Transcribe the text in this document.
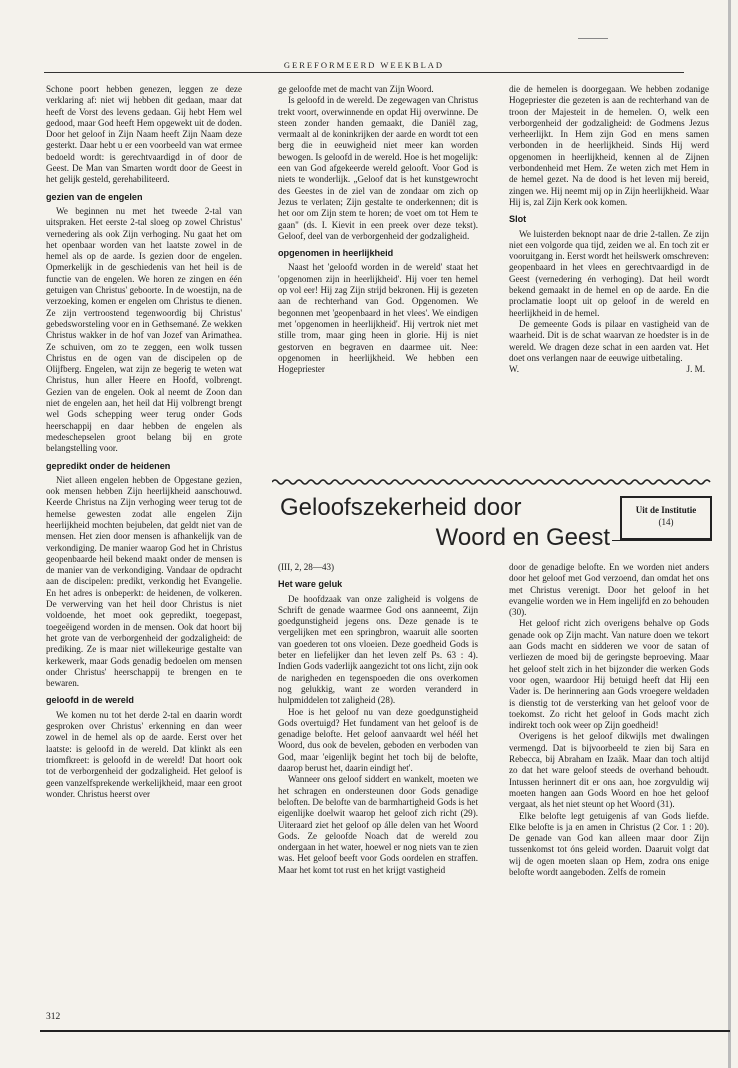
GEREFORMEERD WEEKBLAD

Schone poort hebben genezen, leggen ze deze verklaring af: niet wij hebben dit gedaan, maar dat heeft de Vorst des levens gedaan. Gij hebt Hem wel gedood, maar God heeft Hem opgewekt uit de doden. Door het geloof in Zijn Naam heeft Zijn Naam deze gesterkt. Daar hebt u er een voorbeeld van wat ermee bedoeld wordt: is gerechtvaardigd in of door de Geest. De Man van Smarten wordt door de Geest in het gelijk gesteld, gerehabiliteerd.

gezien van de engelen

We beginnen nu met het tweede 2-tal van uitspraken. Het eerste 2-tal sloeg op zowel Christus' vernedering als ook Zijn verhoging. Nu gaat het om het openbaar worden van het laatste zowel in de hemel als op de aarde. Is gezien door de engelen. Opmerkelijk in de geschiedenis van het heil is de functie van de engelen. We horen ze zingen en één getuigen van Christus' geboorte. In de woestijn, na de verzoeking, komen er engelen om Christus te dienen. Ze zijn vertroostend tegenwoordig bij Christus' gebedsworsteling voor en in Gethsemané. Ze wekken Christus wakker in de hof van Jozef van Arimathea. Ze schuiven, om zo te zeggen, een wolk tussen Christus en de ogen van de discipelen op de Olijfberg. Engelen, wat zijn ze begerig te weten wat Christus, hun aller Heere en Hoofd, volbrengt. Gezien van de engelen. Ook al neemt de Zoon dan niet de engelen aan, het heil dat Hij volbrengt brengt wel Gods schepping weer terug onder Gods heerschappij en daar hebben de engelen als medeschepselen groot belang bij en grote belangstelling voor.

gepredikt onder de heidenen

Niet alleen engelen hebben de Opgestane gezien, ook mensen hebben Zijn heerlijkheid aanschouwd. Keerde Christus na Zijn verhoging weer terug tot de hemelse gewesten zodat alle engelen Zijn heerlijkheid mochten bejubelen, dat geldt niet van de mensen. Het zien door mensen is afhankelijk van de verkondiging. De manier waarop God het in Christus geopenbaarde heil bekend maakt onder de mensen is de manier van de verkondiging. Vandaar de opdracht aan de discipelen: predikt, verkondig het Evangelie. En het adres is onbeperkt: de heidenen, de volkeren. De verwerving van het heil door Christus is niet voldoende, het moet ook gepredikt, toegepast, toegeëigend worden in de mensen. Ook dat hoort bij het grote van de verborgenheid der godzaligheid: de prediking. Ze is maar niet willekeurige gestalte van kerkewerk, maar Gods genadig bedoelen om mensen onder Christus' heerschappij te brengen en te bewaren.

geloofd in de wereld

We komen nu tot het derde 2-tal en daarin wordt gesproken over Christus' erkenning en dan weer zowel in de hemel als op de aarde. Eerst over het laatste: is geloofd in de wereld. Dat klinkt als een triomfkreet: is geloofd in de wereld! Dat hoort ook tot de verborgenheid der godzaligheid. Het geloof is geen vanzelfsprekende werkelijkheid, maar een groot wonder. Christus heerst over

ge geloofde met de macht van Zijn Woord.

Is geloofd in de wereld. De zegewagen van Christus trekt voort, overwinnende en opdat Hij overwinne. De steen zonder handen gemaakt, die Daniël zag, vermaalt al de koninkrijken der aarde en wordt tot een berg die in eeuwigheid niet meer kan worden bewogen. Is geloofd in de wereld. Hoe is het mogelijk: een van God afgekeerde wereld gelooft. Voor God is niets te wonderlijk. „Geloof dat is het kunstgewrocht des Geestes in de ziel van de zondaar om zich op Jezus te verlaten; Zijn gestalte te onderkennen; dit is het oor om Zijn stem te horen; de voet om tot Hem te gaan" (ds. I. Kievit in een preek over deze tekst). Geloof, deel van de verborgenheid der godzaligheid.

opgenomen in heerlijkheid

Naast het 'geloofd worden in de wereld' staat het 'opgenomen zijn in heerlijkheid'. Hij voer ten hemel op vol eer! Hij zag Zijn strijd bekronen. Hij is gezeten aan de rechterhand van God. Opgenomen. We begonnen met 'geopenbaard in het vlees'. We eindigen met 'opgenomen in heerlijkheid'. Hij vertrok niet met stille trom, maar ging heen in glorie. Hij is niet gestorven en begraven en daarmee uit. Nee: opgenomen in heerlijkheid. We hebben een Hogepriester

die de hemelen is doorgegaan. We hebben zodanige Hogepriester die gezeten is aan de rechterhand van de troon der Majesteit in de hemelen. O, welk een verborgenheid der godzaligheid: de Godmens Jezus verheerlijkt. In Hem zijn God en mens samen verbonden in de heerlijkheid. Sinds Hij werd opgenomen in heerlijkheid, kennen al de Zijnen verbondenheid met Hem. Ze weten zich met Hem in de hemel gezet. Na de dood is het leven mij bereid, zingen we. Hij neemt mij op in Zijn heerlijkheid. Waar Hij is, zal Zijn Kerk ook komen.

Slot

We luisterden beknopt naar de drie 2-tallen. Ze zijn niet een volgorde qua tijd, zeiden we al. En toch zit er vooruitgang in. Eerst wordt het heilswerk omschreven: geopenbaard in het vlees en gerechtvaardigd in de Geest (vernedering én verhoging). Dat heil wordt bekend gemaakt in de hemel en op de aarde. En die proclamatie loopt uit op geloof in de wereld en heerlijkheid in de hemel.

De gemeente Gods is pilaar en vastigheid van de waarheid. Dit is de schat waarvan ze hoedster is in de wereld. We dragen deze schat in een aarden vat. Het doet ons verlangen naar de eeuwige uitbetaling.

W.	J. M.
Geloofszekerheid door
Woord en Geest
Uit de Institutie
(14)

(III, 2, 28—43)

Het ware geluk

De hoofdzaak van onze zaligheid is volgens de Schrift de genade waarmee God ons aanneemt, Zijn goedgunstigheid jegens ons. Deze genade is te vergelijken met een springbron, waaruit alle soorten van goederen tot ons vloeien. Deze goedheid Gods is beter en liefelijker dan het leven zelf Ps. 63 : 4). Indien Gods vaderlijk aangezicht tot ons licht, zijn ook de narigheden en tegenspoeden die ons overkomen nog gelukkig, want ze worden veranderd in hulpmiddelen tot zaligheid (28).

Hoe is het geloof nu van deze goedgunstigheid Gods overtuigd? Het fundament van het geloof is de genadige belofte. Het geloof aanvaardt wel héél het Woord, dus ook de bevelen, geboden en verboden van God, maar 'eigenlijk begint het toch bij de belofte, daarop berust het, daarin eindigt het'.

Wanneer ons geloof siddert en wankelt, moeten we het schragen en ondersteunen door Gods genadige beloften. De belofte van de barmhartigheid Gods is het eigenlijke doelwit waarop het geloof zich richt (29). Uiteraard ziet het geloof op álle delen van het Woord Gods. Ze geloofde Noach dat de wereld zou ondergaan in het water, hoewel er nog niets van te zien was. Het geloof beeft voor Gods oordelen en straffen. Maar het komt tot rust en het krijgt vastigheid

door de genadige belofte. En we worden niet anders door het geloof met God verzoend, dan omdat het ons met Christus verenigt. Door het geloof in het evangelie worden we in Hem ingelijfd en zo behouden (30).

Het geloof richt zich overigens behalve op Gods genade ook op Zijn macht. Van nature doen we tekort aan Gods macht en sidderen we voor de satan of verliezen de moed bij de geringste beproeving. Maar het geloof stelt zich in het bijzonder die werken Gods voor ogen, waardoor Hij betuigd heeft dat Hij een Vader is. De herinnering aan Gods vroegere weldaden is dienstig tot de versterking van het geloof voor de toekomst. Zo richt het geloof in Gods macht zich indirekt toch ook weer op Zijn goedheid!

Overigens is het geloof dikwijls met dwalingen vermengd. Dat is bijvoorbeeld te zien bij Sara en Rebecca, bij Abraham en Izaäk. Maar dan toch altijd zo dat het ware geloof steeds de overhand behoudt. Intussen herinnert dit er ons aan, hoe zorgvuldig wij moeten hangen aan Gods Woord en hoe het geloof vergaat, als het niet steunt op het Woord (31).

Elke belofte legt getuigenis af van Gods liefde. Elke belofte is ja en amen in Christus (2 Cor. 1 : 20). De genade van God kan alleen maar door Zijn tussenkomst tot óns geleid worden. Daaruit volgt dat wij de ogen moeten slaan op Hem, zodra ons enige belofte wordt aangeboden. Zelfs de romein

312
